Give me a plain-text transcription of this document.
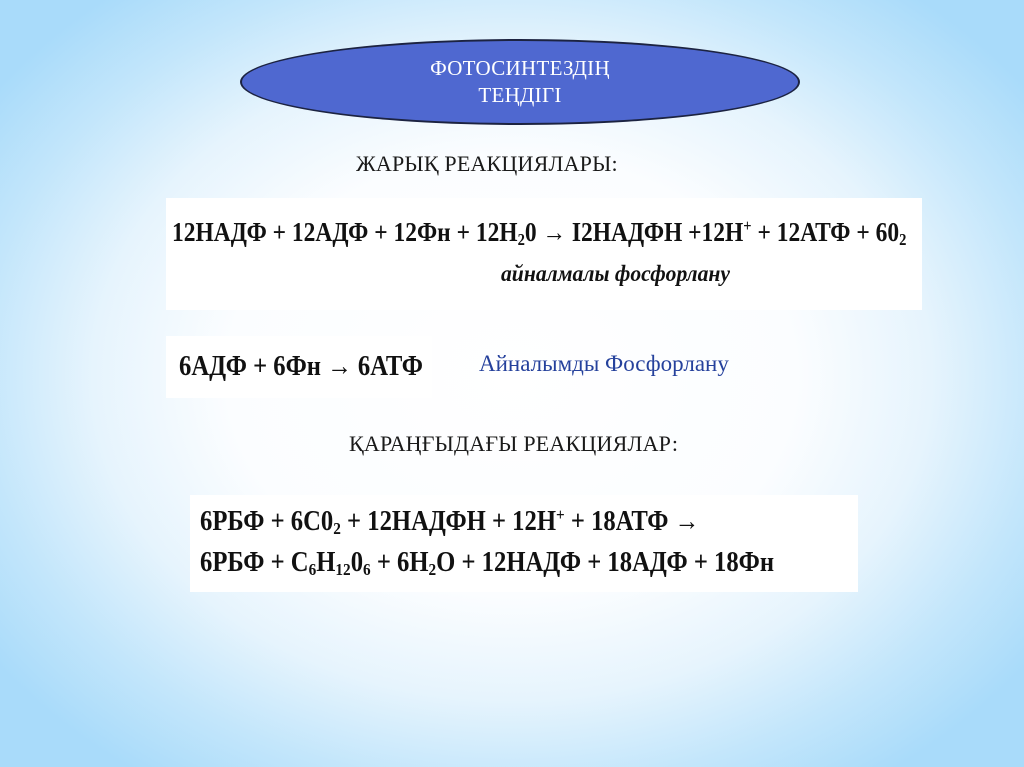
ФОТОСИНТЕЗДІҢ
ТЕҢДІГІ
ЖАРЫҚ РЕАКЦИЯЛАРЫ:
12НАДФ + $12АДФ + 12Фн + 12Н_20$ → І2НАДФН $+12Н^+ + 12АТФ + 60_2$
айналмалы фосфорлану
6АДФ + 6Фн → 6АТФ Айналымды Фосфорлану
ҚАРАҢҒЫДАҒЫ РЕАКЦИЯЛАР:
$6РБФ + 6С0_2$ + 12НАДФН + 12Н+ + 18АТФ →
$6РБФ + С_6Н_{12}0_6 + 6Н_2О$ + 12НАДФ + 18АДФ + 18Фн
